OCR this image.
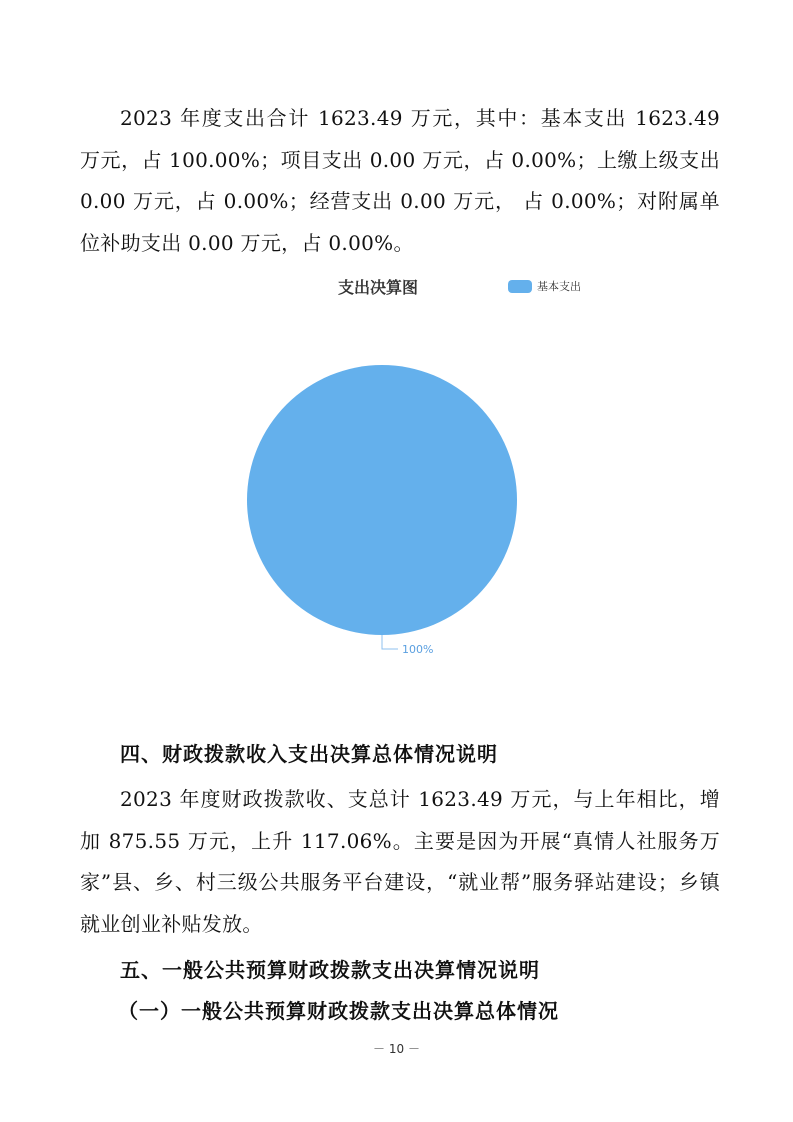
2023 年度支出合计 1623.49 万元，其中：基本支出 1623.49 万元，占 100.00%；项目支出 0.00 万元，占 0.00%；上缴上级支出 0.00 万元，占 0.00%；经营支出 0.00 万元， 占 0.00%；对附属单位补助支出 0.00 万元，占 0.00%。

支出决算图	基本支出
100%
四、财政拨款收入支出决算总体情况说明

2023 年度财政拨款收、支总计 1623.49 万元，与上年相比，增加 875.55 万元，上升 117.06%。主要是因为开展“真情人社服务万家”县、乡、村三级公共服务平台建设，“就业帮”服务驿站建设；乡镇就业创业补贴发放。

五、一般公共预算财政拨款支出决算情况说明
（一）一般公共预算财政拨款支出决算总体情况
－ 10 －
